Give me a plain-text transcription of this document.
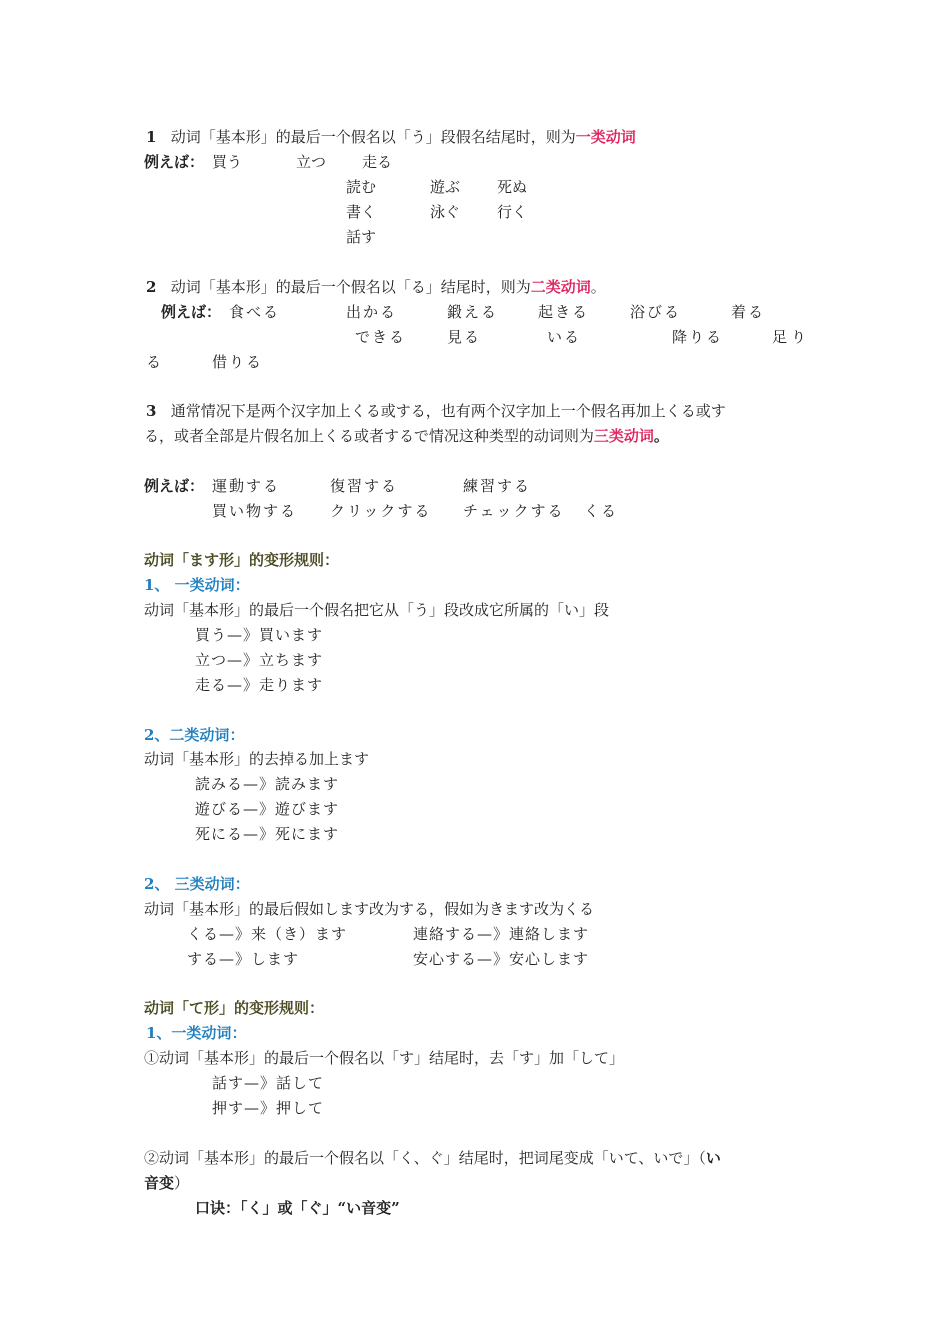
1 动词「基本形」的最后一个假名以「う」段假名结尾时，则为一类动词
例えば： 買う	立つ 走る
読む	遊ぶ 死ぬ
書く	泳ぐ 行く
話す
2 动词「基本形」的最后一个假名以「る」结尾时，则为二类动词。
例えば： 食べる	出かる	鍛える	起きる	浴びる	着る
できる	見る	いる	降りる	足り
る	借りる
3 通常情况下是两个汉字加上くる或する，也有两个汉字加上一个假名再加上くる或す
る，或者全部是片假名加上くる或者するで情况这种类型的动词则为三类动词。
例えば： 運動する	復習する	練習する
買い物する クリックする チェックする くる
动词「ます形」的变形规则：
1、 一类动词：
动词「基本形」的最后一个假名把它从「う」段改成它所属的「い」段
買う—》買います
立つ—》立ちます
走る—》走ります
2、二类动词：
动词「基本形」的去掉る加上ます
読みる—》読みます
遊びる—》遊びます
死にる—》死にます
2、 三类动词：
动词「基本形」的最后假如します改为する，假如为きます改为くる
くる—》来（き）ます	連絡する—》連絡します
する—》します	安心する—》安心します
动词「て形」的变形规则：
1、一类动词：
①动词「基本形」的最后一个假名以「す」结尾时，去「す」加「して」
話す—》話して
押す—》押して
②动词「基本形」的最后一个假名以「く、ぐ」结尾时，把词尾变成「いて、いで」（い
音变）
口诀：「く」或「ぐ」“い音变”
